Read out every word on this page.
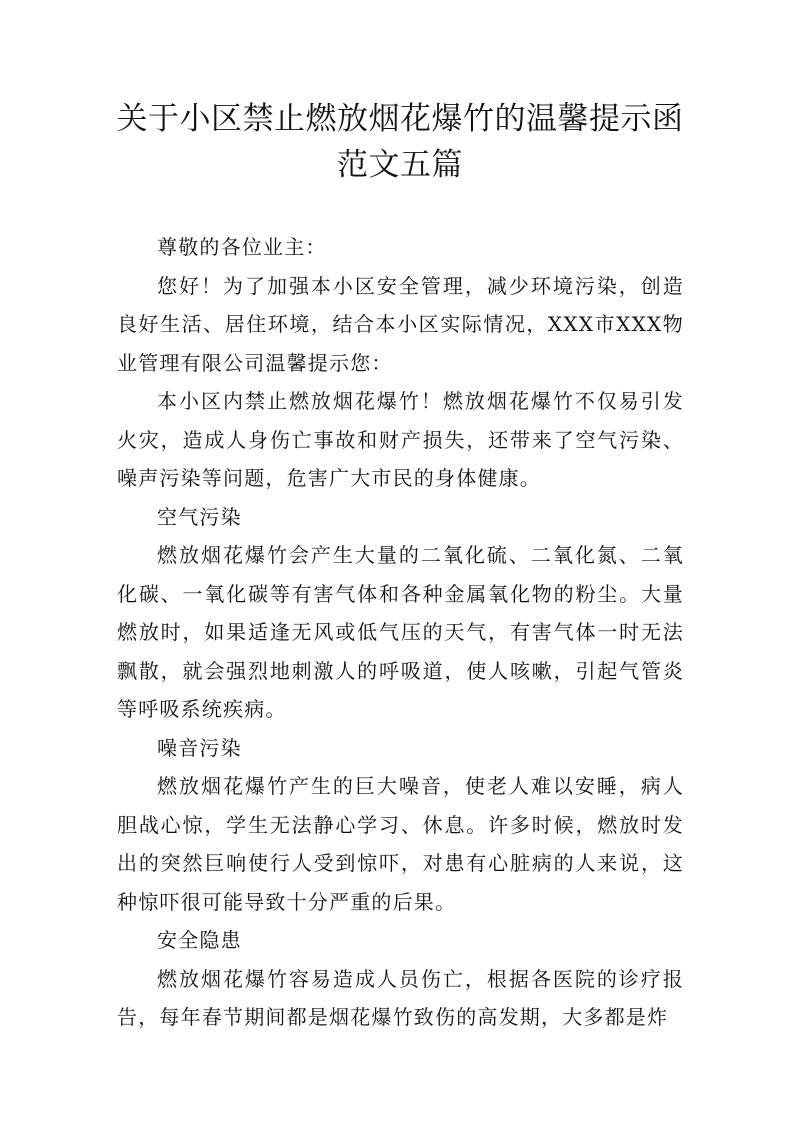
关于小区禁止燃放烟花爆竹的温馨提示函
范文五篇

尊敬的各位业主：

您好！为了加强本小区安全管理，减少环境污染，创造良好生活、居住环境，结合本小区实际情况，XXX市XXX物业管理有限公司温馨提示您：

本小区内禁止燃放烟花爆竹！燃放烟花爆竹不仅易引发火灾，造成人身伤亡事故和财产损失，还带来了空气污染、噪声污染等问题，危害广大市民的身体健康。

空气污染

燃放烟花爆竹会产生大量的二氧化硫、二氧化氮、二氧化碳、一氧化碳等有害气体和各种金属氧化物的粉尘。大量燃放时，如果适逢无风或低气压的天气，有害气体一时无法飘散，就会强烈地刺激人的呼吸道，使人咳嗽，引起气管炎等呼吸系统疾病。

噪音污染

燃放烟花爆竹产生的巨大噪音，使老人难以安睡，病人胆战心惊，学生无法静心学习、休息。许多时候，燃放时发出的突然巨响使行人受到惊吓，对患有心脏病的人来说，这种惊吓很可能导致十分严重的后果。

安全隐患

燃放烟花爆竹容易造成人员伤亡，根据各医院的诊疗报告，每年春节期间都是烟花爆竹致伤的高发期，大多都是炸
